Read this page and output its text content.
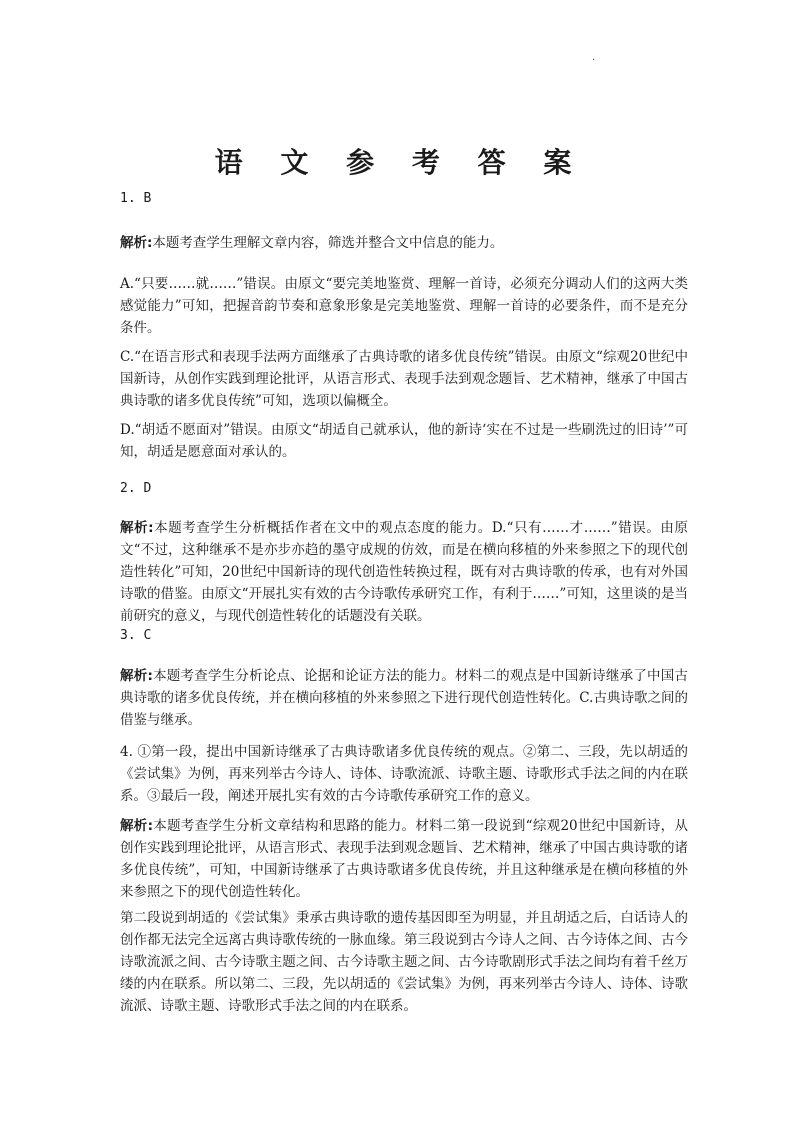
.
语 文 参 考 答 案

1. B

解析:本题考查学生理解文章内容，筛选并整合文中信息的能力。

A.“只要……就……”错误。由原文“要完美地鉴赏、理解一首诗，必须充分调动人们的这两大类感觉能力”可知，把握音韵节奏和意象形象是完美地鉴赏、理解一首诗的必要条件，而不是充分条件。

C.“在语言形式和表现手法两方面继承了古典诗歌的诸多优良传统”错误。由原文“综观20世纪中国新诗，从创作实践到理论批评，从语言形式、表现手法到观念题旨、艺术精神，继承了中国古典诗歌的诸多优良传统”可知，选项以偏概全。

D.“胡适不愿面对”错误。由原文“胡适自己就承认，他的新诗‘实在不过是一些刷洗过的旧诗’”可知，胡适是愿意面对承认的。

2. D

解析:本题考查学生分析概括作者在文中的观点态度的能力。D.“只有……才……”错误。由原文“不过，这种继承不是亦步亦趋的墨守成规的仿效，而是在横向移植的外来参照之下的现代创造性转化”可知，20世纪中国新诗的现代创造性转换过程，既有对古典诗歌的传承，也有对外国诗歌的借鉴。由原文“开展扎实有效的古今诗歌传承研究工作，有利于……”可知，这里谈的是当前研究的意义，与现代创造性转化的话题没有关联。

3. C

解析:本题考查学生分析论点、论据和论证方法的能力。材料二的观点是中国新诗继承了中国古典诗歌的诸多优良传统，并在横向移植的外来参照之下进行现代创造性转化。C.古典诗歌之间的借鉴与继承。

4. ①第一段，提出中国新诗继承了古典诗歌诸多优良传统的观点。②第二、三段，先以胡适的《尝试集》为例，再来列举古今诗人、诗体、诗歌流派、诗歌主题、诗歌形式手法之间的内在联系。③最后一段，阐述开展扎实有效的古今诗歌传承研究工作的意义。

解析:本题考查学生分析文章结构和思路的能力。材料二第一段说到“综观20世纪中国新诗，从创作实践到理论批评，从语言形式、表现手法到观念题旨、艺术精神，继承了中国古典诗歌的诸多优良传统”，可知，中国新诗继承了古典诗歌诸多优良传统，并且这种继承是在横向移植的外来参照之下的现代创造性转化。

第二段说到胡适的《尝试集》秉承古典诗歌的遗传基因即至为明显，并且胡适之后，白话诗人的创作都无法完全远离古典诗歌传统的一脉血缘。第三段说到古今诗人之间、古今诗体之间、古今诗歌流派之间、古今诗歌主题之间、古今诗歌主题之间、古今诗歌剧形式手法之间均有着千丝万缕的内在联系。所以第二、三段，先以胡适的《尝试集》为例，再来列举古今诗人、诗体、诗歌流派、诗歌主题、诗歌形式手法之间的内在联系。
